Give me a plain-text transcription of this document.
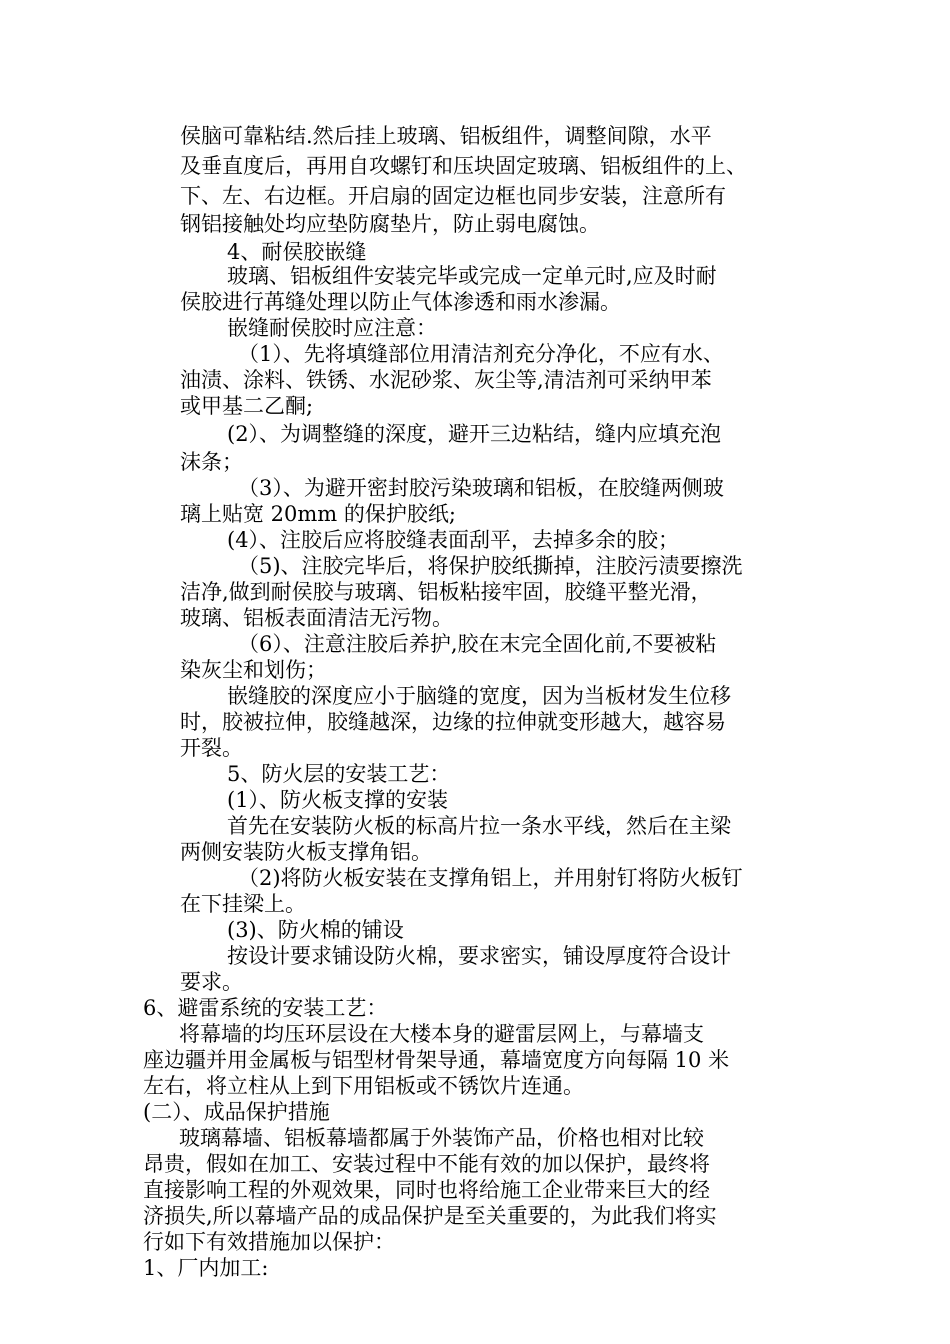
侯脑可靠粘结.然后挂上玻璃、铝板组件，调整间隙，水平
及垂直度后，再用自攻螺钉和压块固定玻璃、铝板组件的上、
下、左、右边框。开启扇的固定边框也同步安装，注意所有
钢铝接触处均应垫防腐垫片，防止弱电腐蚀。
4、耐侯胶嵌缝
玻璃、铝板组件安装完毕或完成一定单元时,应及时耐
侯胶进行苒缝处理以防止气体渗透和雨水渗漏。
嵌缝耐侯胶时应注意：
（1）、先将填缝部位用清洁剂充分净化，不应有水、
油渍、涂料、铁锈、水泥砂浆、灰尘等,清洁剂可采纳甲苯
或甲基二乙酮;
(2）、为调整缝的深度，避开三边粘结，缝内应填充泡
沫条；
（3）、为避开密封胶污染玻璃和铝板，在胶缝两侧玻
璃上贴宽 20mm 的保护胶纸;
(4）、注胶后应将胶缝表面刮平，去掉多余的胶；
（5)、注胶完毕后，将保护胶纸撕掉，注胶污渍要擦洗
洁净,做到耐侯胶与玻璃、铝板粘接牢固，胶缝平整光滑，
玻璃、铝板表面清洁无污物。
（6）、注意注胶后养护,胶在末完全固化前,不要被粘
染灰尘和划伤；
嵌缝胶的深度应小于脑缝的宽度，因为当板材发生位移
时，胶被拉伸，胶缝越深，边缘的拉伸就变形越大，越容易
开裂。
5、防火层的安装工艺：
(1）、防火板支撑的安装
首先在安装防火板的标高片拉一条水平线，然后在主梁
两侧安装防火板支撑角铝。
（2)将防火板安装在支撑角铝上，并用射钉将防火板钉
在下挂梁上。
(3)、防火棉的铺设
按设计要求铺设防火棉，要求密实，铺设厚度符合设计
要求。
6、避雷系统的安装工艺：
将幕墙的均压环层设在大楼本身的避雷层网上，与幕墙支
座边疆并用金属板与铝型材骨架导通，幕墙宽度方向每隔 10 米
左右，将立柱从上到下用铝板或不锈饮片连通。
(二）、成品保护措施
玻璃幕墙、铝板幕墙都属于外装饰产品，价格也相对比较
昂贵，假如在加工、安装过程中不能有效的加以保护，最终将
直接影响工程的外观效果，同时也将给施工企业带来巨大的经
济损失,所以幕墙产品的成品保护是至关重要的，为此我们将实
行如下有效措施加以保护：
1、厂内加工:
